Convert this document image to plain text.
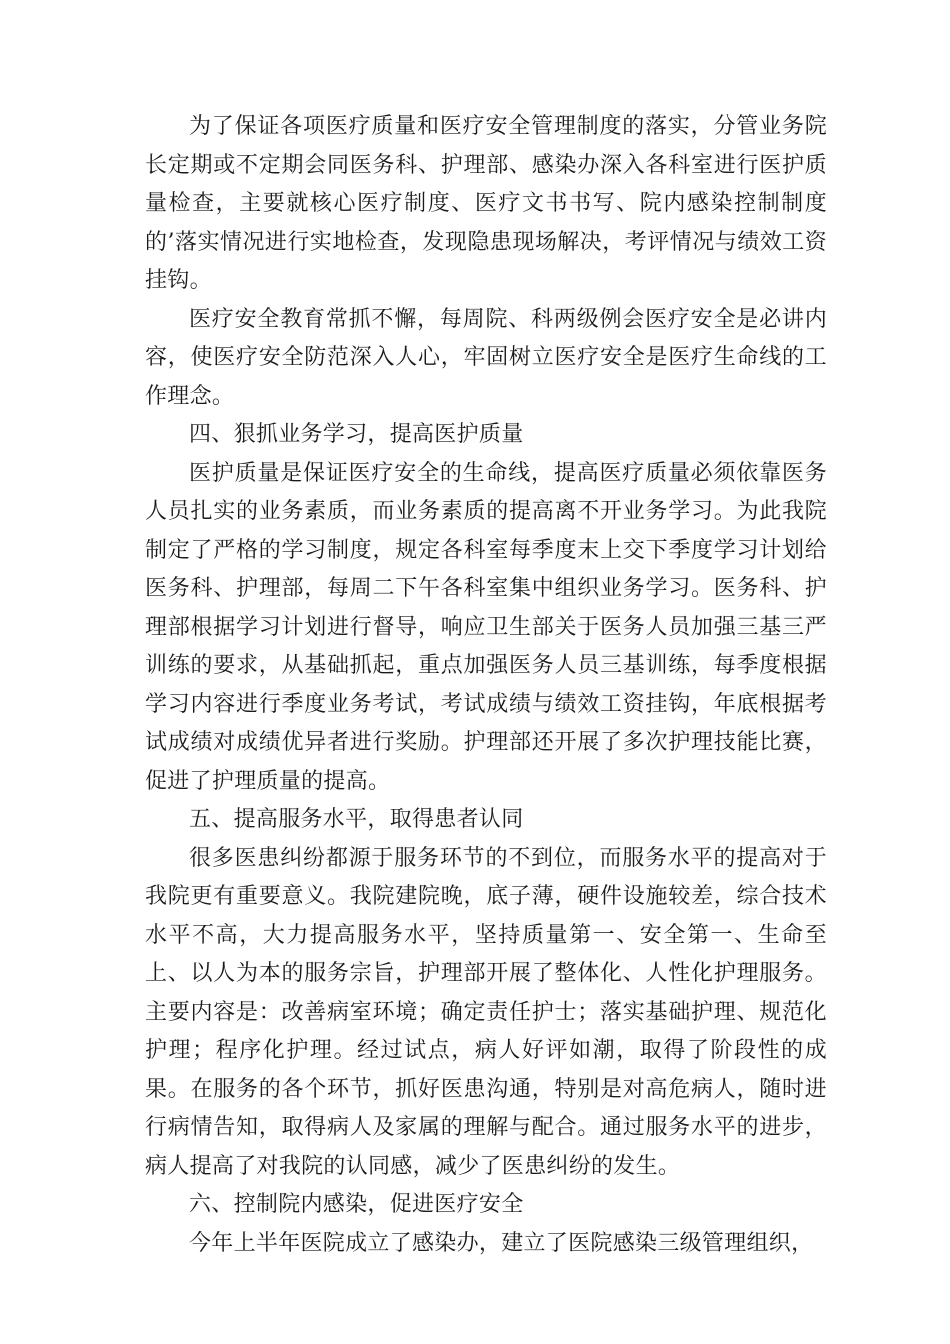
为了保证各项医疗质量和医疗安全管理制度的落实，分管业务院长定期或不定期会同医务科、护理部、感染办深入各科室进行医护质量检查，主要就核心医疗制度、医疗文书书写、院内感染控制制度的’落实情况进行实地检查，发现隐患现场解决，考评情况与绩效工资挂钩。

医疗安全教育常抓不懈，每周院、科两级例会医疗安全是必讲内容，使医疗安全防范深入人心，牢固树立医疗安全是医疗生命线的工作理念。

四、狠抓业务学习，提高医护质量

医护质量是保证医疗安全的生命线，提高医疗质量必须依靠医务人员扎实的业务素质，而业务素质的提高离不开业务学习。为此我院制定了严格的学习制度，规定各科室每季度末上交下季度学习计划给医务科、护理部，每周二下午各科室集中组织业务学习。医务科、护理部根据学习计划进行督导，响应卫生部关于医务人员加强三基三严训练的要求，从基础抓起，重点加强医务人员三基训练，每季度根据学习内容进行季度业务考试，考试成绩与绩效工资挂钩，年底根据考试成绩对成绩优异者进行奖励。护理部还开展了多次护理技能比赛，促进了护理质量的提高。

五、提高服务水平，取得患者认同

很多医患纠纷都源于服务环节的不到位，而服务水平的提高对于我院更有重要意义。我院建院晚，底子薄，硬件设施较差，综合技术水平不高，大力提高服务水平，坚持质量第一、安全第一、生命至上、以人为本的服务宗旨，护理部开展了整体化、人性化护理服务。主要内容是：改善病室环境；确定责任护士；落实基础护理、规范化护理；程序化护理。经过试点，病人好评如潮，取得了阶段性的成果。在服务的各个环节，抓好医患沟通，特别是对高危病人，随时进行病情告知，取得病人及家属的理解与配合。通过服务水平的进步，病人提高了对我院的认同感，减少了医患纠纷的发生。

六、控制院内感染，促进医疗安全

今年上半年医院成立了感染办，建立了医院感染三级管理组织，
